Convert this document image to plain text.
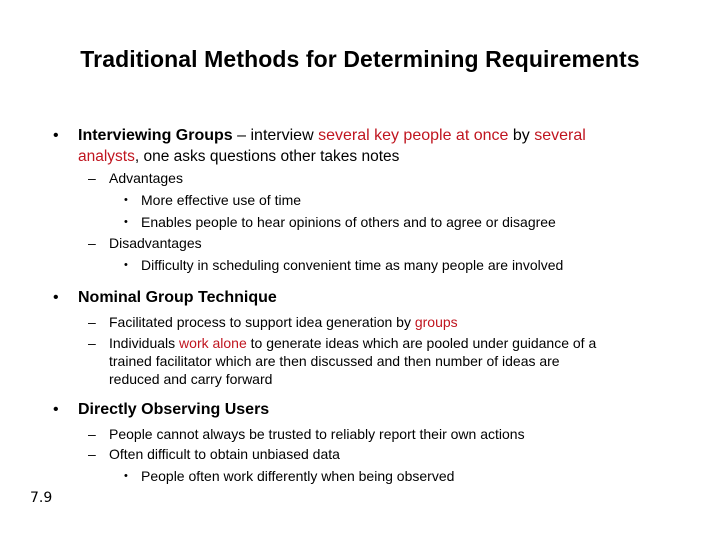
Traditional Methods for Determining Requirements
• Interviewing Groups – interview several key people at once by several
analysts, one asks questions other takes notes
– Advantages
• More effective use of time
• Enables people to hear opinions of others and to agree or disagree
– Disadvantages
• Difficulty in scheduling convenient time as many people are involved
• Nominal Group Technique
– Facilitated process to support idea generation by groups
– Individuals work alone to generate ideas which are pooled under guidance of a
trained facilitator which are then discussed and then number of ideas are
reduced and carry forward
• Directly Observing Users
– People cannot always be trusted to reliably report their own actions
– Often difficult to obtain unbiased data
• People often work differently when being observed
7.9
